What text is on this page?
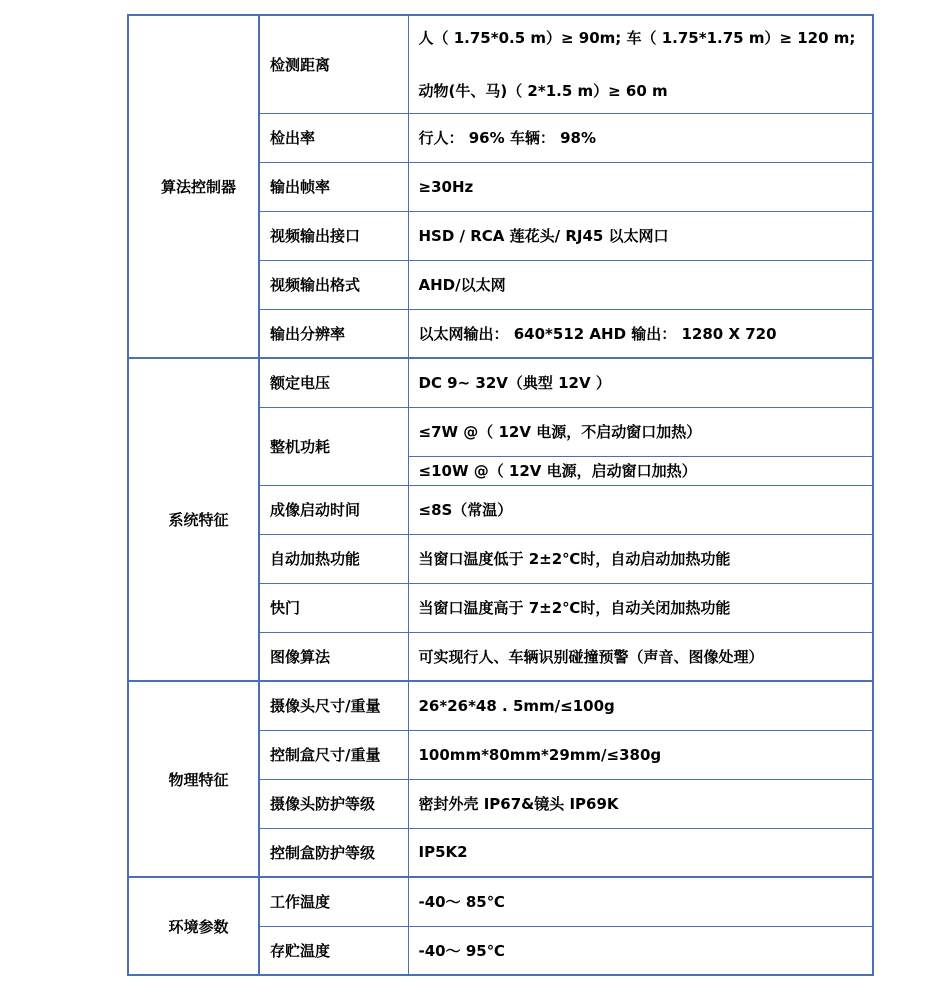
算法控制器	检测距离	人（ 1.75*0.5 m）≥ 90m; 车（ 1.75*1.75 m）≥ 120 m;
动物(牛、马)（ 2*1.5 m）≥ 60 m

	检出率	行人： 96% 车辆： 98%
	输出帧率	≥30Hz
	视频输出接口	HSD / RCA 莲花头/ RJ45 以太网口
	视频输出格式	AHD/以太网
	输出分辨率	以太网输出： 640*512 AHD 输出： 1280 X 720
系统特征	额定电压	DC 9~ 32V（典型 12V ）
	整机功耗	≤7W @（ 12V 电源，不启动窗口加热）
		≤10W @（ 12V 电源，启动窗口加热）
	成像启动时间	≤8S（常温）
	自动加热功能	当窗口温度低于 2±2℃时，自动启动加热功能
	快门	当窗口温度高于 7±2℃时，自动关闭加热功能
	图像算法	可实现行人、车辆识别碰撞预警（声音、图像处理）
物理特征	摄像头尺寸/重量	26*26*48 . 5mm/≤100g
	控制盒尺寸/重量	100mm*80mm*29mm/≤380g
	摄像头防护等级	密封外壳 IP67&镜头 IP69K
	控制盒防护等级	IP5K2
环境参数	工作温度	-40～ 85℃
	存贮温度	-40～ 95℃
